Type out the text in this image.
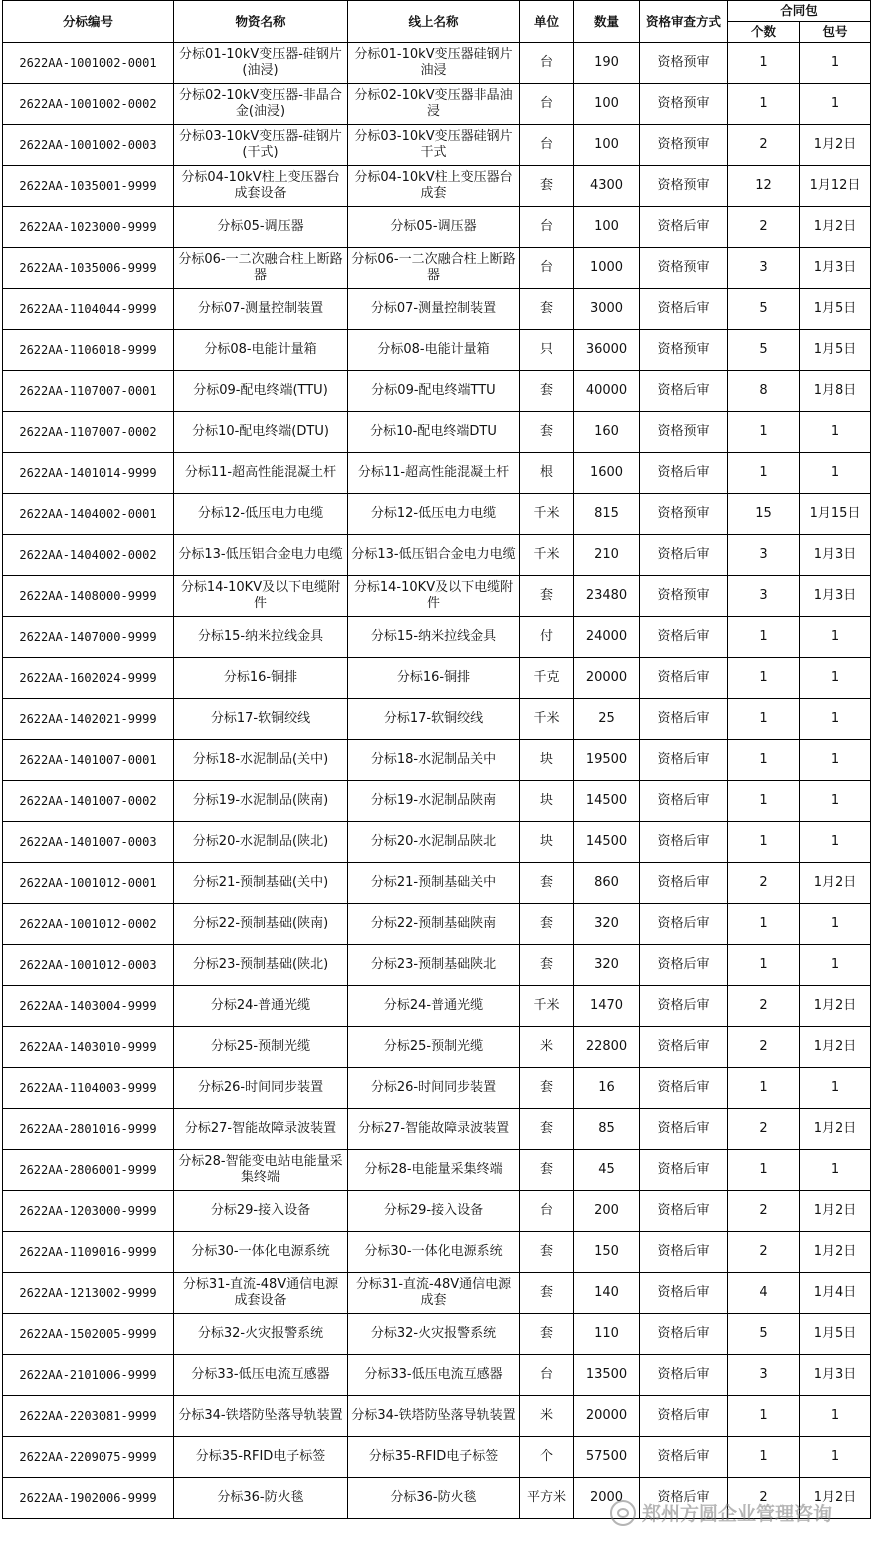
分标编号	物资名称	线上名称	单位	数量	资格审查方式	合同包	
						个数	包号
2622AA-1001002-0001	分标01-10kV变压器-硅钢片(油浸)	分标01-10kV变压器硅钢片油浸	台	190	资格预审	1	1
2622AA-1001002-0002	分标02-10kV变压器-非晶合金(油浸)	分标02-10kV变压器非晶油浸	台	100	资格预审	1	1
2622AA-1001002-0003	分标03-10kV变压器-硅钢片(干式)	分标03-10kV变压器硅钢片干式	台	100	资格预审	2	1月2日
2622AA-1035001-9999	分标04-10kV柱上变压器台成套设备	分标04-10kV柱上变压器台成套	套	4300	资格预审	12	1月12日
2622AA-1023000-9999	分标05-调压器	分标05-调压器	台	100	资格后审	2	1月2日
2622AA-1035006-9999	分标06-一二次融合柱上断路器	分标06-一二次融合柱上断路器	台	1000	资格预审	3	1月3日
2622AA-1104044-9999	分标07-测量控制装置	分标07-测量控制装置	套	3000	资格后审	5	1月5日
2622AA-1106018-9999	分标08-电能计量箱	分标08-电能计量箱	只	36000	资格预审	5	1月5日
2622AA-1107007-0001	分标09-配电终端(TTU)	分标09-配电终端TTU	套	40000	资格后审	8	1月8日
2622AA-1107007-0002	分标10-配电终端(DTU)	分标10-配电终端DTU	套	160	资格预审	1	1
2622AA-1401014-9999	分标11-超高性能混凝土杆	分标11-超高性能混凝土杆	根	1600	资格后审	1	1
2622AA-1404002-0001	分标12-低压电力电缆	分标12-低压电力电缆	千米	815	资格预审	15	1月15日
2622AA-1404002-0002	分标13-低压铝合金电力电缆	分标13-低压铝合金电力电缆	千米	210	资格后审	3	1月3日
2622AA-1408000-9999	分标14-10KV及以下电缆附件	分标14-10KV及以下电缆附件	套	23480	资格预审	3	1月3日
2622AA-1407000-9999	分标15-纳米拉线金具	分标15-纳米拉线金具	付	24000	资格后审	1	1
2622AA-1602024-9999	分标16-铜排	分标16-铜排	千克	20000	资格后审	1	1
2622AA-1402021-9999	分标17-软铜绞线	分标17-软铜绞线	千米	25	资格后审	1	1
2622AA-1401007-0001	分标18-水泥制品(关中)	分标18-水泥制品关中	块	19500	资格后审	1	1
2622AA-1401007-0002	分标19-水泥制品(陕南)	分标19-水泥制品陕南	块	14500	资格后审	1	1
2622AA-1401007-0003	分标20-水泥制品(陕北)	分标20-水泥制品陕北	块	14500	资格后审	1	1
2622AA-1001012-0001	分标21-预制基础(关中)	分标21-预制基础关中	套	860	资格后审	2	1月2日
2622AA-1001012-0002	分标22-预制基础(陕南)	分标22-预制基础陕南	套	320	资格后审	1	1
2622AA-1001012-0003	分标23-预制基础(陕北)	分标23-预制基础陕北	套	320	资格后审	1	1
2622AA-1403004-9999	分标24-普通光缆	分标24-普通光缆	千米	1470	资格后审	2	1月2日
2622AA-1403010-9999	分标25-预制光缆	分标25-预制光缆	米	22800	资格后审	2	1月2日
2622AA-1104003-9999	分标26-时间同步装置	分标26-时间同步装置	套	16	资格后审	1	1
2622AA-2801016-9999	分标27-智能故障录波装置	分标27-智能故障录波装置	套	85	资格后审	2	1月2日
2622AA-2806001-9999	分标28-智能变电站电能量采集终端	分标28-电能量采集终端	套	45	资格后审	1	1
2622AA-1203000-9999	分标29-接入设备	分标29-接入设备	台	200	资格后审	2	1月2日
2622AA-1109016-9999	分标30-一体化电源系统	分标30-一体化电源系统	套	150	资格后审	2	1月2日
2622AA-1213002-9999	分标31-直流-48V通信电源成套设备	分标31-直流-48V通信电源成套	套	140	资格后审	4	1月4日
2622AA-1502005-9999	分标32-火灾报警系统	分标32-火灾报警系统	套	110	资格后审	5	1月5日
2622AA-2101006-9999	分标33-低压电流互感器	分标33-低压电流互感器	台	13500	资格后审	3	1月3日
2622AA-2203081-9999	分标34-铁塔防坠落导轨装置	分标34-铁塔防坠落导轨装置	米	20000	资格后审	1	1
2622AA-2209075-9999	分标35-RFID电子标签	分标35-RFID电子标签	个	57500	资格后审	1	1
2622AA-1902006-9999	分标36-防火毯	分标36-防火毯	平方米	2000	资格后审	2	1月2日
郑州方圆企业管理咨询
